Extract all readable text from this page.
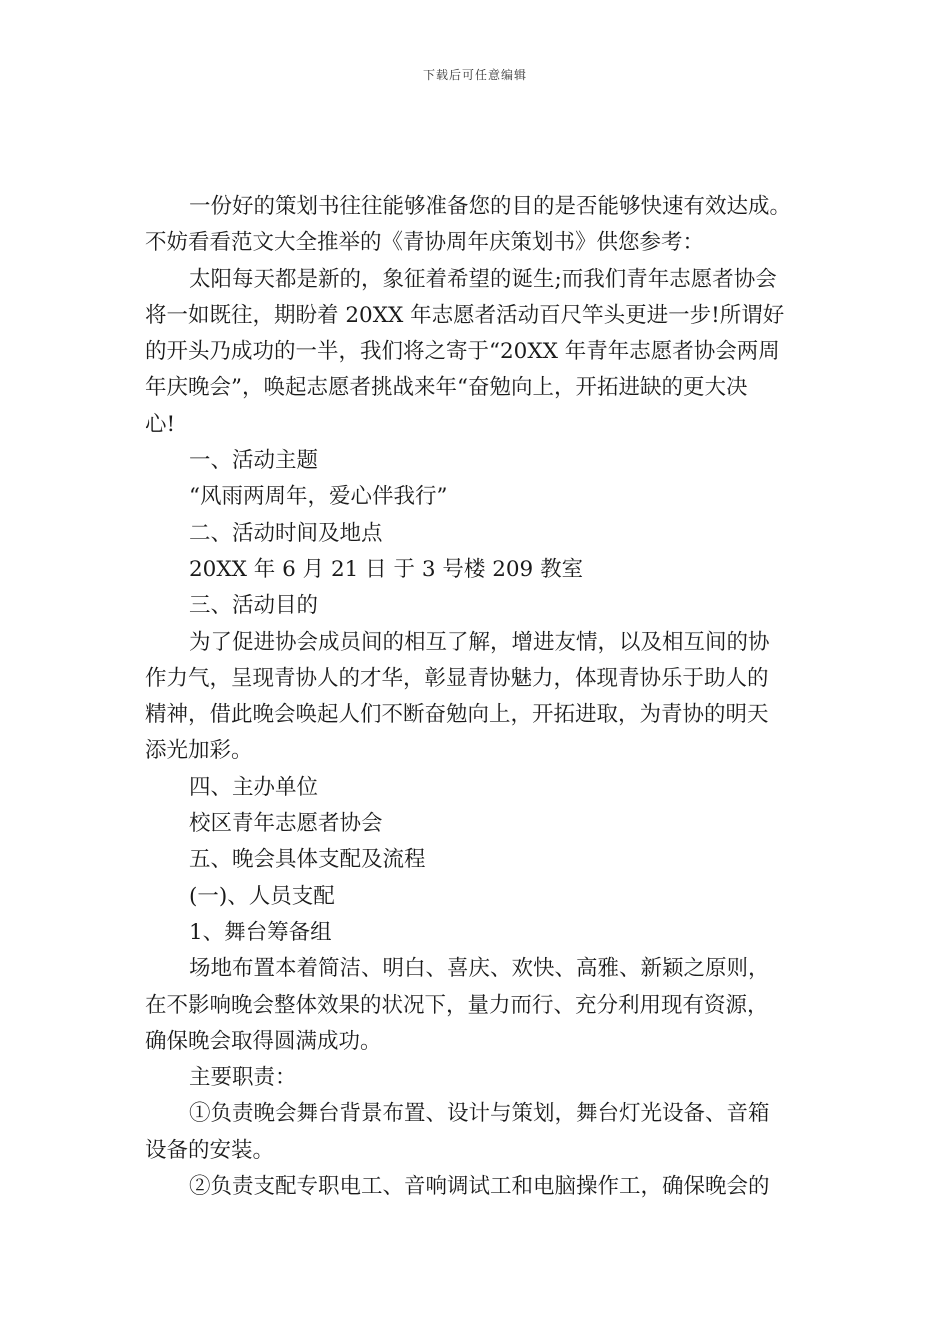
下载后可任意编辑

一份好的策划书往往能够准备您的目的是否能够快速有效达成。
不妨看看范文大全推举的《青协周年庆策划书》供您参考：

太阳每天都是新的，象征着希望的诞生;而我们青年志愿者协会
将一如既往，期盼着 20XX 年志愿者活动百尺竿头更进一步!所谓好
的开头乃成功的一半，我们将之寄于“20XX 年青年志愿者协会两周
年庆晚会”，唤起志愿者挑战来年“奋勉向上，开拓进缺的更大决
心!

一、活动主题

“风雨两周年，爱心伴我行”

二、活动时间及地点

20XX 年 6 月 21 日 于 3 号楼 209 教室

三、活动目的

为了促进协会成员间的相互了解，增进友情，以及相互间的协
作力气，呈现青协人的才华，彰显青协魅力，体现青协乐于助人的
精神，借此晚会唤起人们不断奋勉向上，开拓进取，为青协的明天
添光加彩。

四、主办单位

校区青年志愿者协会

五、晚会具体支配及流程

(一)、人员支配

1、舞台筹备组

场地布置本着简洁、明白、喜庆、欢快、高雅、新颖之原则，
在不影响晚会整体效果的状况下，量力而行、充分利用现有资源，
确保晚会取得圆满成功。

主要职责：

①负责晚会舞台背景布置、设计与策划，舞台灯光设备、音箱
设备的安装。

②负责支配专职电工、音响调试工和电脑操作工，确保晚会的
